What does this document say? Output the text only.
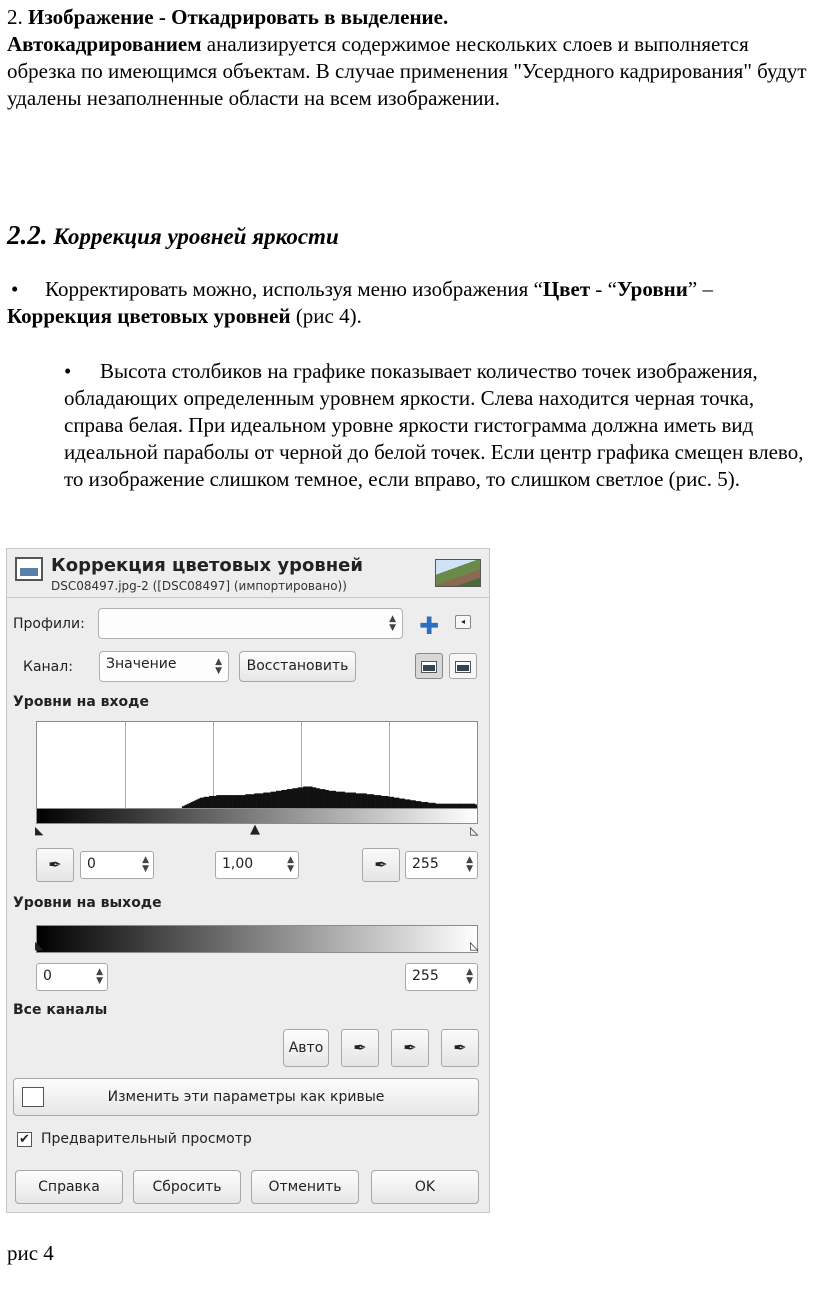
2. Изображение - Откадрировать в выделение.
Автокадрированием анализируется содержимое нескольких слоев и выполняется обрезка по имеющимся объектам. В случае применения "Усердного кадрирования" будут удалены незаполненные области на всем изображении.
2.2. Коррекция уровней яркости
• Корректировать можно, используя меню изображения “Цвет - “Уровни” – Коррекция цветовых уровней (рис 4).
•	Высота столбиков на графике показывает количество точек изображения, обладающих определенным уровнем яркости. Слева находится черная точка, справа белая. При идеальном уровне яркости гистограмма должна иметь вид идеальной параболы от черной до белой точек. Если центр графика смещен влево, то изображение слишком темное, если вправо, то слишком светлое (рис. 5).
Коррекция цветовых уровней
DSC08497.jpg-2 ([DSC08497] (импортировано))
Профили:	▲
▼ ✚	◂
Канал:	Значение	▲
▼	Восстановить
Уровни на входе
◣	▲	◺
✒	0	▲
▼	1,00	▲
▼	✒	255	▲
▼
Уровни на выходе
◣	◺
0	▲
▼	255	▲
▼
Все каналы
Авто	✒	✒	✒
Изменить эти параметры как кривые
✔ Предварительный просмотр
Справка	Сбросить	Отменить	OK
рис 4
